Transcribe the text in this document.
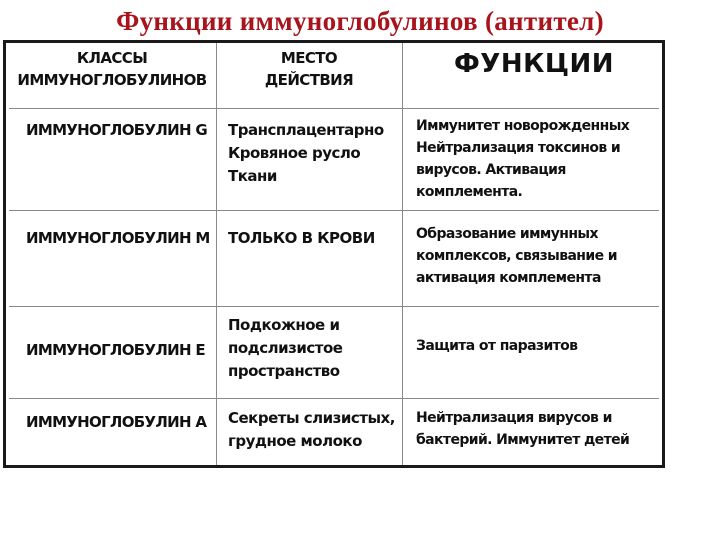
Функции иммуноглобулинов (антител)
КЛАССЫ
ИММУНОГЛОБУЛИНОВ
МЕСТО
ДЕЙСТВИЯ
ФУНКЦИИ
ИММУНОГЛОБУЛИН G Трансплацентарно
Кровяное русло
Ткани
Иммунитет новорожденных
Нейтрализация токсинов и
вирусов. Активация
комплемента.
ИММУНОГЛОБУЛИН М ТОЛЬКО В КРОВИ	Образование иммунных
комплексов, связывание и
активация комплемента
ИММУНОГЛОБУЛИН Е
Подкожное и
подслизистое
пространство
Защита от паразитов
ИММУНОГЛОБУЛИН А Секреты слизистых,
грудное молоко
Нейтрализация вирусов и
бактерий. Иммунитет детей
